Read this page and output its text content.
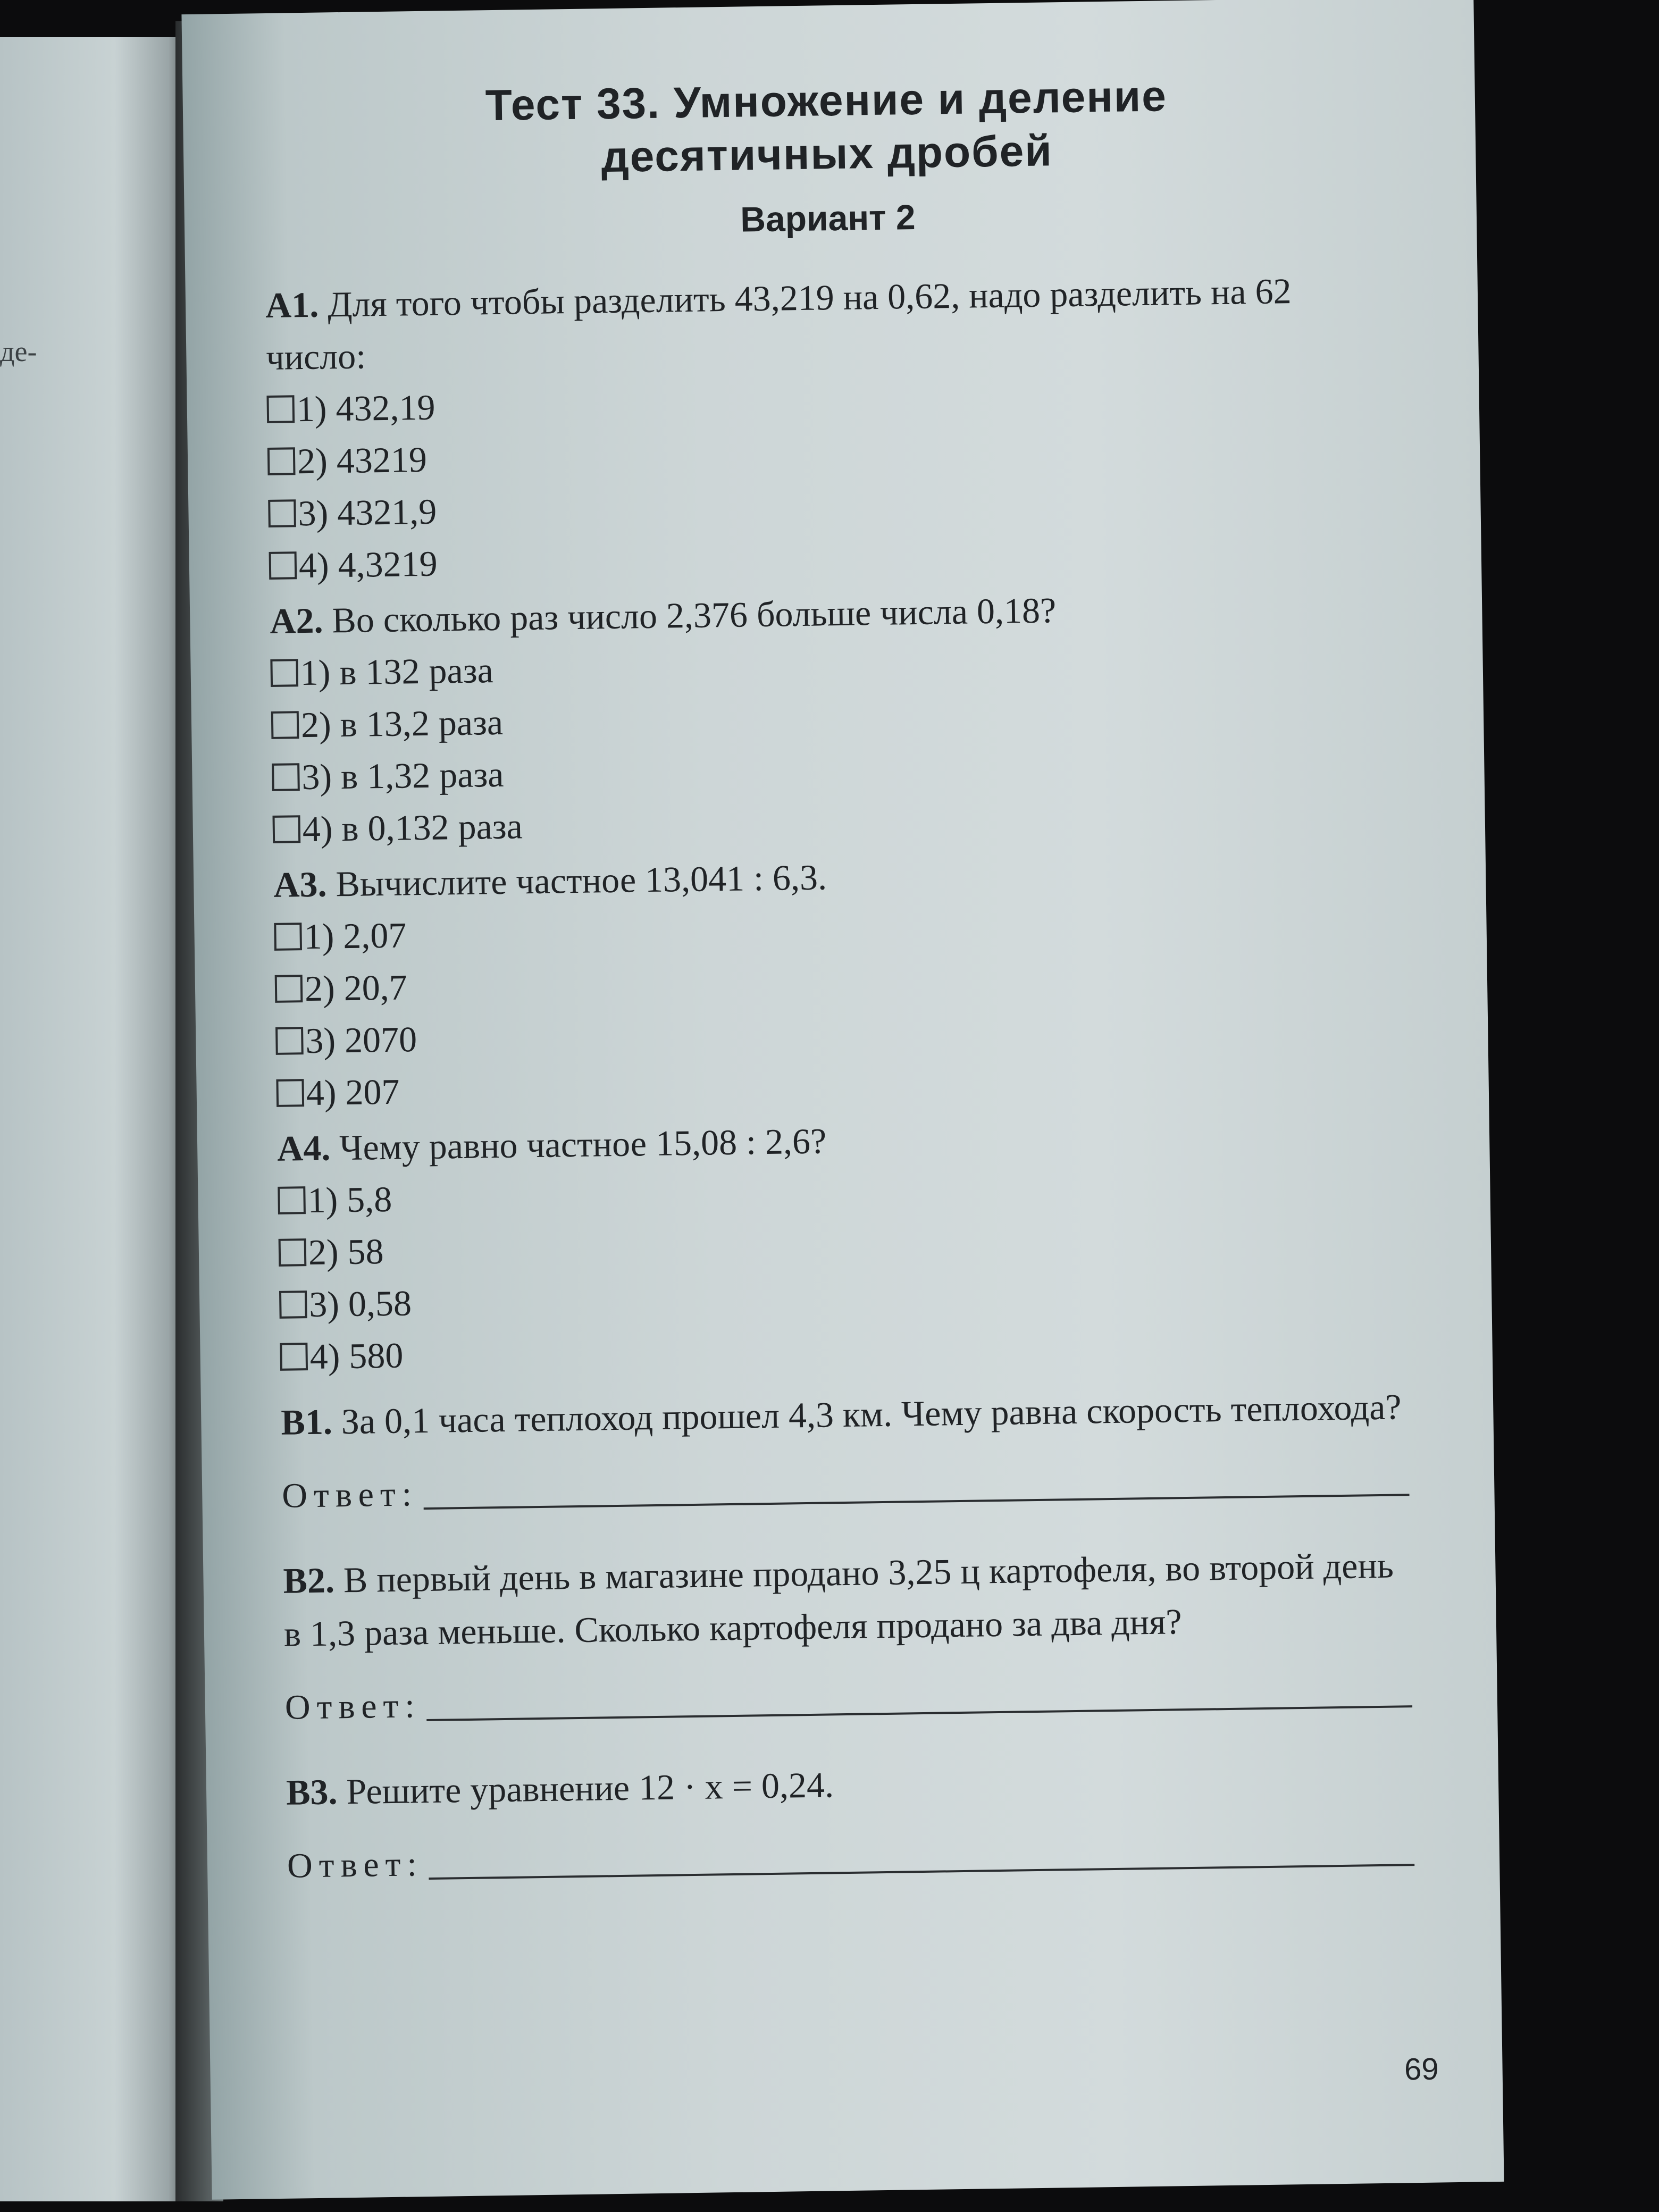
де-
Тест 33. Умножение и деление
десятичных дробей
Вариант 2

A1. Для того чтобы разделить 43,219 на 0,62, надо разделить на 62 число:

1) 432,19
2) 43219
3) 4321,9
4) 4,3219

A2. Во сколько раз число 2,376 больше числа 0,18?

1) в 132 раза
2) в 13,2 раза
3) в 1,32 раза
4) в 0,132 раза

A3. Вычислите частное 13,041 : 6,3.

1) 2,07
2) 20,7
3) 2070
4) 207

A4. Чему равно частное 15,08 : 2,6?

1) 5,8
2) 58
3) 0,58
4) 580

B1. За 0,1 часа теплоход прошел 4,3 км. Чему равна скорость теплохода?

Ответ:

B2. В первый день в магазине продано 3,25 ц картофеля, во второй день в 1,3 раза меньше. Сколько картофеля продано за два дня?

Ответ:

B3. Решите уравнение 12 · x = 0,24.

Ответ:
69
